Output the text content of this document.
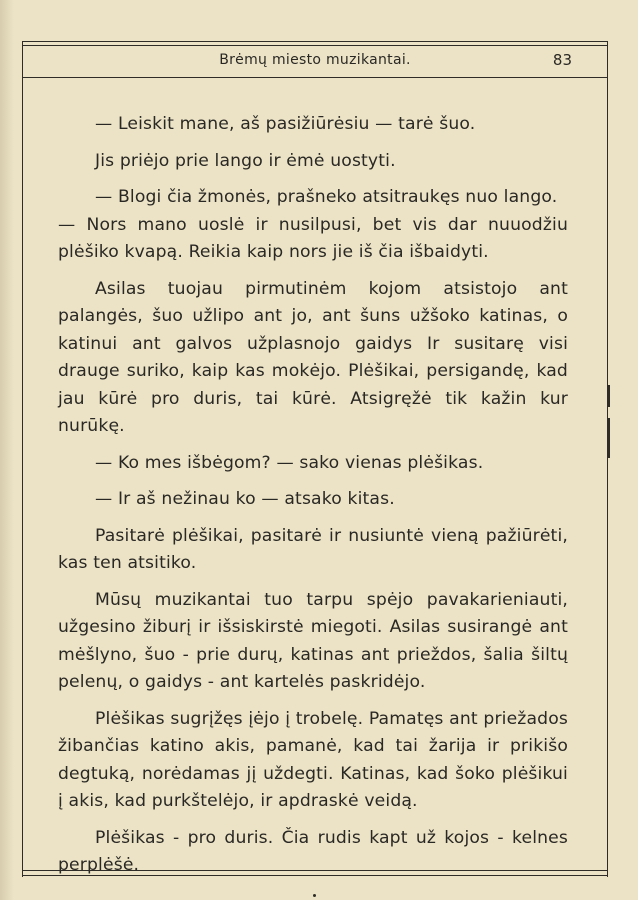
Brėmų miesto muzikantai.	83

— Leiskit mane, aš pasižiūrėsiu — tarė šuo.

Jis priėjo prie lango ir ėmė uostyti.

— Blogi čia žmonės, prašneko atsitraukęs nuo lango.

— Nors mano uoslė ir nusilpusi, bet vis dar nuuodžiu plėšiko kvapą. Reikia kaip nors jie iš čia išbaidyti.

Asilas tuojau pirmutinėm kojom atsistojo ant palangės, šuo užlipo ant jo, ant šuns užšoko katinas, o katinui ant galvos užplasnojo gaidys Ir susitarę visi drauge suriko, kaip kas mokėjo. Plėšikai, persigandę, kad jau kūrė pro duris, tai kūrė. Atsigręžė tik kažin kur nurūkę.

— Ko mes išbėgom? — sako vienas plėšikas.

— Ir aš nežinau ko — atsako kitas.

Pasitarė plėšikai, pasitarė ir nusiuntė vieną pažiūrėti, kas ten atsitiko.

Mūsų muzikantai tuo tarpu spėjo pavakarieniauti, užgesino žiburį ir išsiskirstė miegoti. Asilas susirangė ant mėšlyno, šuo - prie durų, katinas ant prieždos, šalia šiltų pelenų, o gaidys - ant kartelės paskridėjo.

Plėšikas sugrįžęs įėjo į trobelę. Pamatęs ant priežados žibančias katino akis, pamanė, kad tai žarija ir prikišo degtuką, norėdamas jį uždegti. Katinas, kad šoko plėšikui į akis, kad purkštelėjo, ir apdraskė veidą.

Plėšikas - pro duris. Čia rudis kapt už kojos - kelnes perplėšė.
